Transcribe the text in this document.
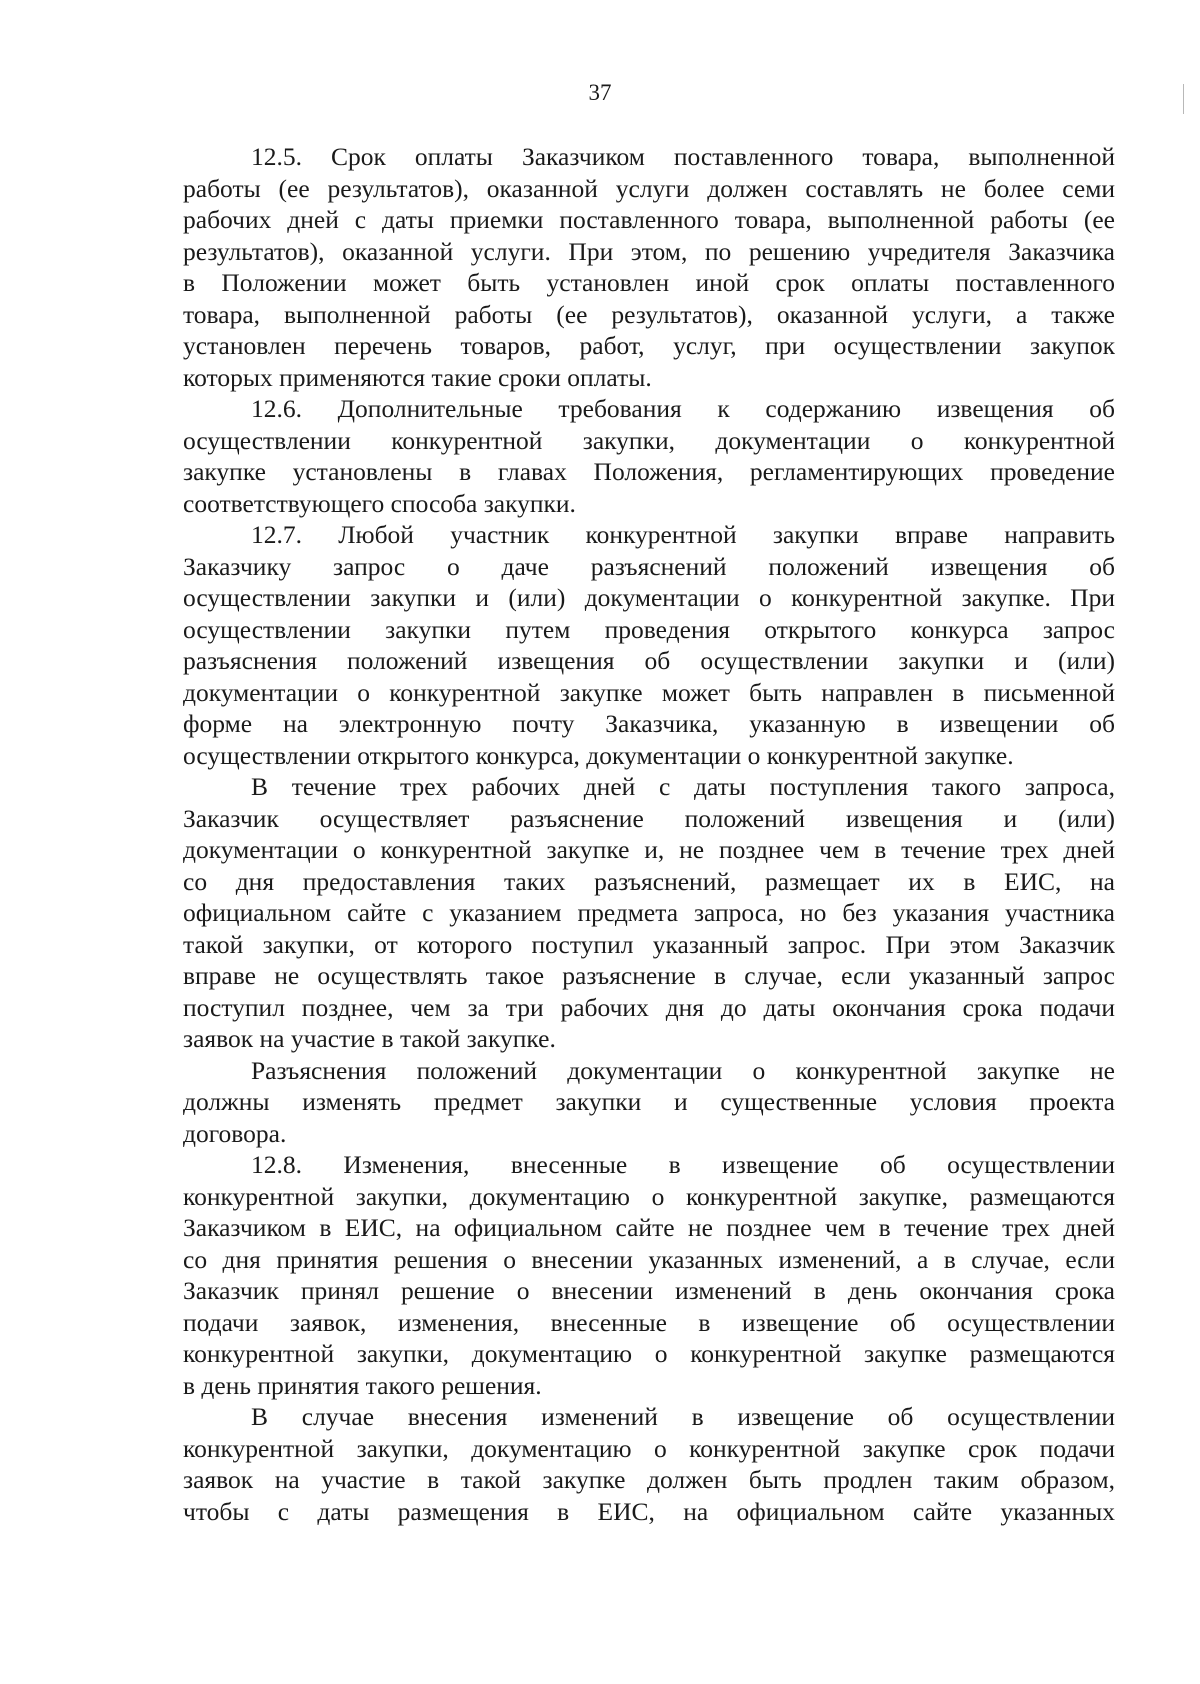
37
12.5. Срок оплаты Заказчиком поставленного товара, выполненной
работы (ее результатов), оказанной услуги должен составлять не более семи
рабочих дней с даты приемки поставленного товара, выполненной работы (ее
результатов), оказанной услуги. При этом, по решению учредителя Заказчика
в Положении может быть установлен иной срок оплаты поставленного
товара, выполненной работы (ее результатов), оказанной услуги, а также
установлен перечень товаров, работ, услуг, при осуществлении закупок
которых применяются такие сроки оплаты.
12.6. Дополнительные требования к содержанию извещения об
осуществлении конкурентной закупки, документации о конкурентной
закупке установлены в главах Положения, регламентирующих проведение
соответствующего способа закупки.
12.7. Любой участник конкурентной закупки вправе направить
Заказчику запрос о даче разъяснений положений извещения об
осуществлении закупки и (или) документации о конкурентной закупке. При
осуществлении закупки путем проведения открытого конкурса запрос
разъяснения положений извещения об осуществлении закупки и (или)
документации о конкурентной закупке может быть направлен в письменной
форме на электронную почту Заказчика, указанную в извещении об
осуществлении открытого конкурса, документации о конкурентной закупке.
В течение трех рабочих дней с даты поступления такого запроса,
Заказчик осуществляет разъяснение положений извещения и (или)
документации о конкурентной закупке и, не позднее чем в течение трех дней
со дня предоставления таких разъяснений, размещает их в ЕИС, на
официальном сайте с указанием предмета запроса, но без указания участника
такой закупки, от которого поступил указанный запрос. При этом Заказчик
вправе не осуществлять такое разъяснение в случае, если указанный запрос
поступил позднее, чем за три рабочих дня до даты окончания срока подачи
заявок на участие в такой закупке.
Разъяснения положений документации о конкурентной закупке не
должны изменять предмет закупки и существенные условия проекта
договора.
12.8. Изменения, внесенные в извещение об осуществлении
конкурентной закупки, документацию о конкурентной закупке, размещаются
Заказчиком в ЕИС, на официальном сайте не позднее чем в течение трех дней
со дня принятия решения о внесении указанных изменений, а в случае, если
Заказчик принял решение о внесении изменений в день окончания срока
подачи заявок, изменения, внесенные в извещение об осуществлении
конкурентной закупки, документацию о конкурентной закупке размещаются
в день принятия такого решения.
В случае внесения изменений в извещение об осуществлении
конкурентной закупки, документацию о конкурентной закупке срок подачи
заявок на участие в такой закупке должен быть продлен таким образом,
чтобы с даты размещения в ЕИС, на официальном сайте указанных
